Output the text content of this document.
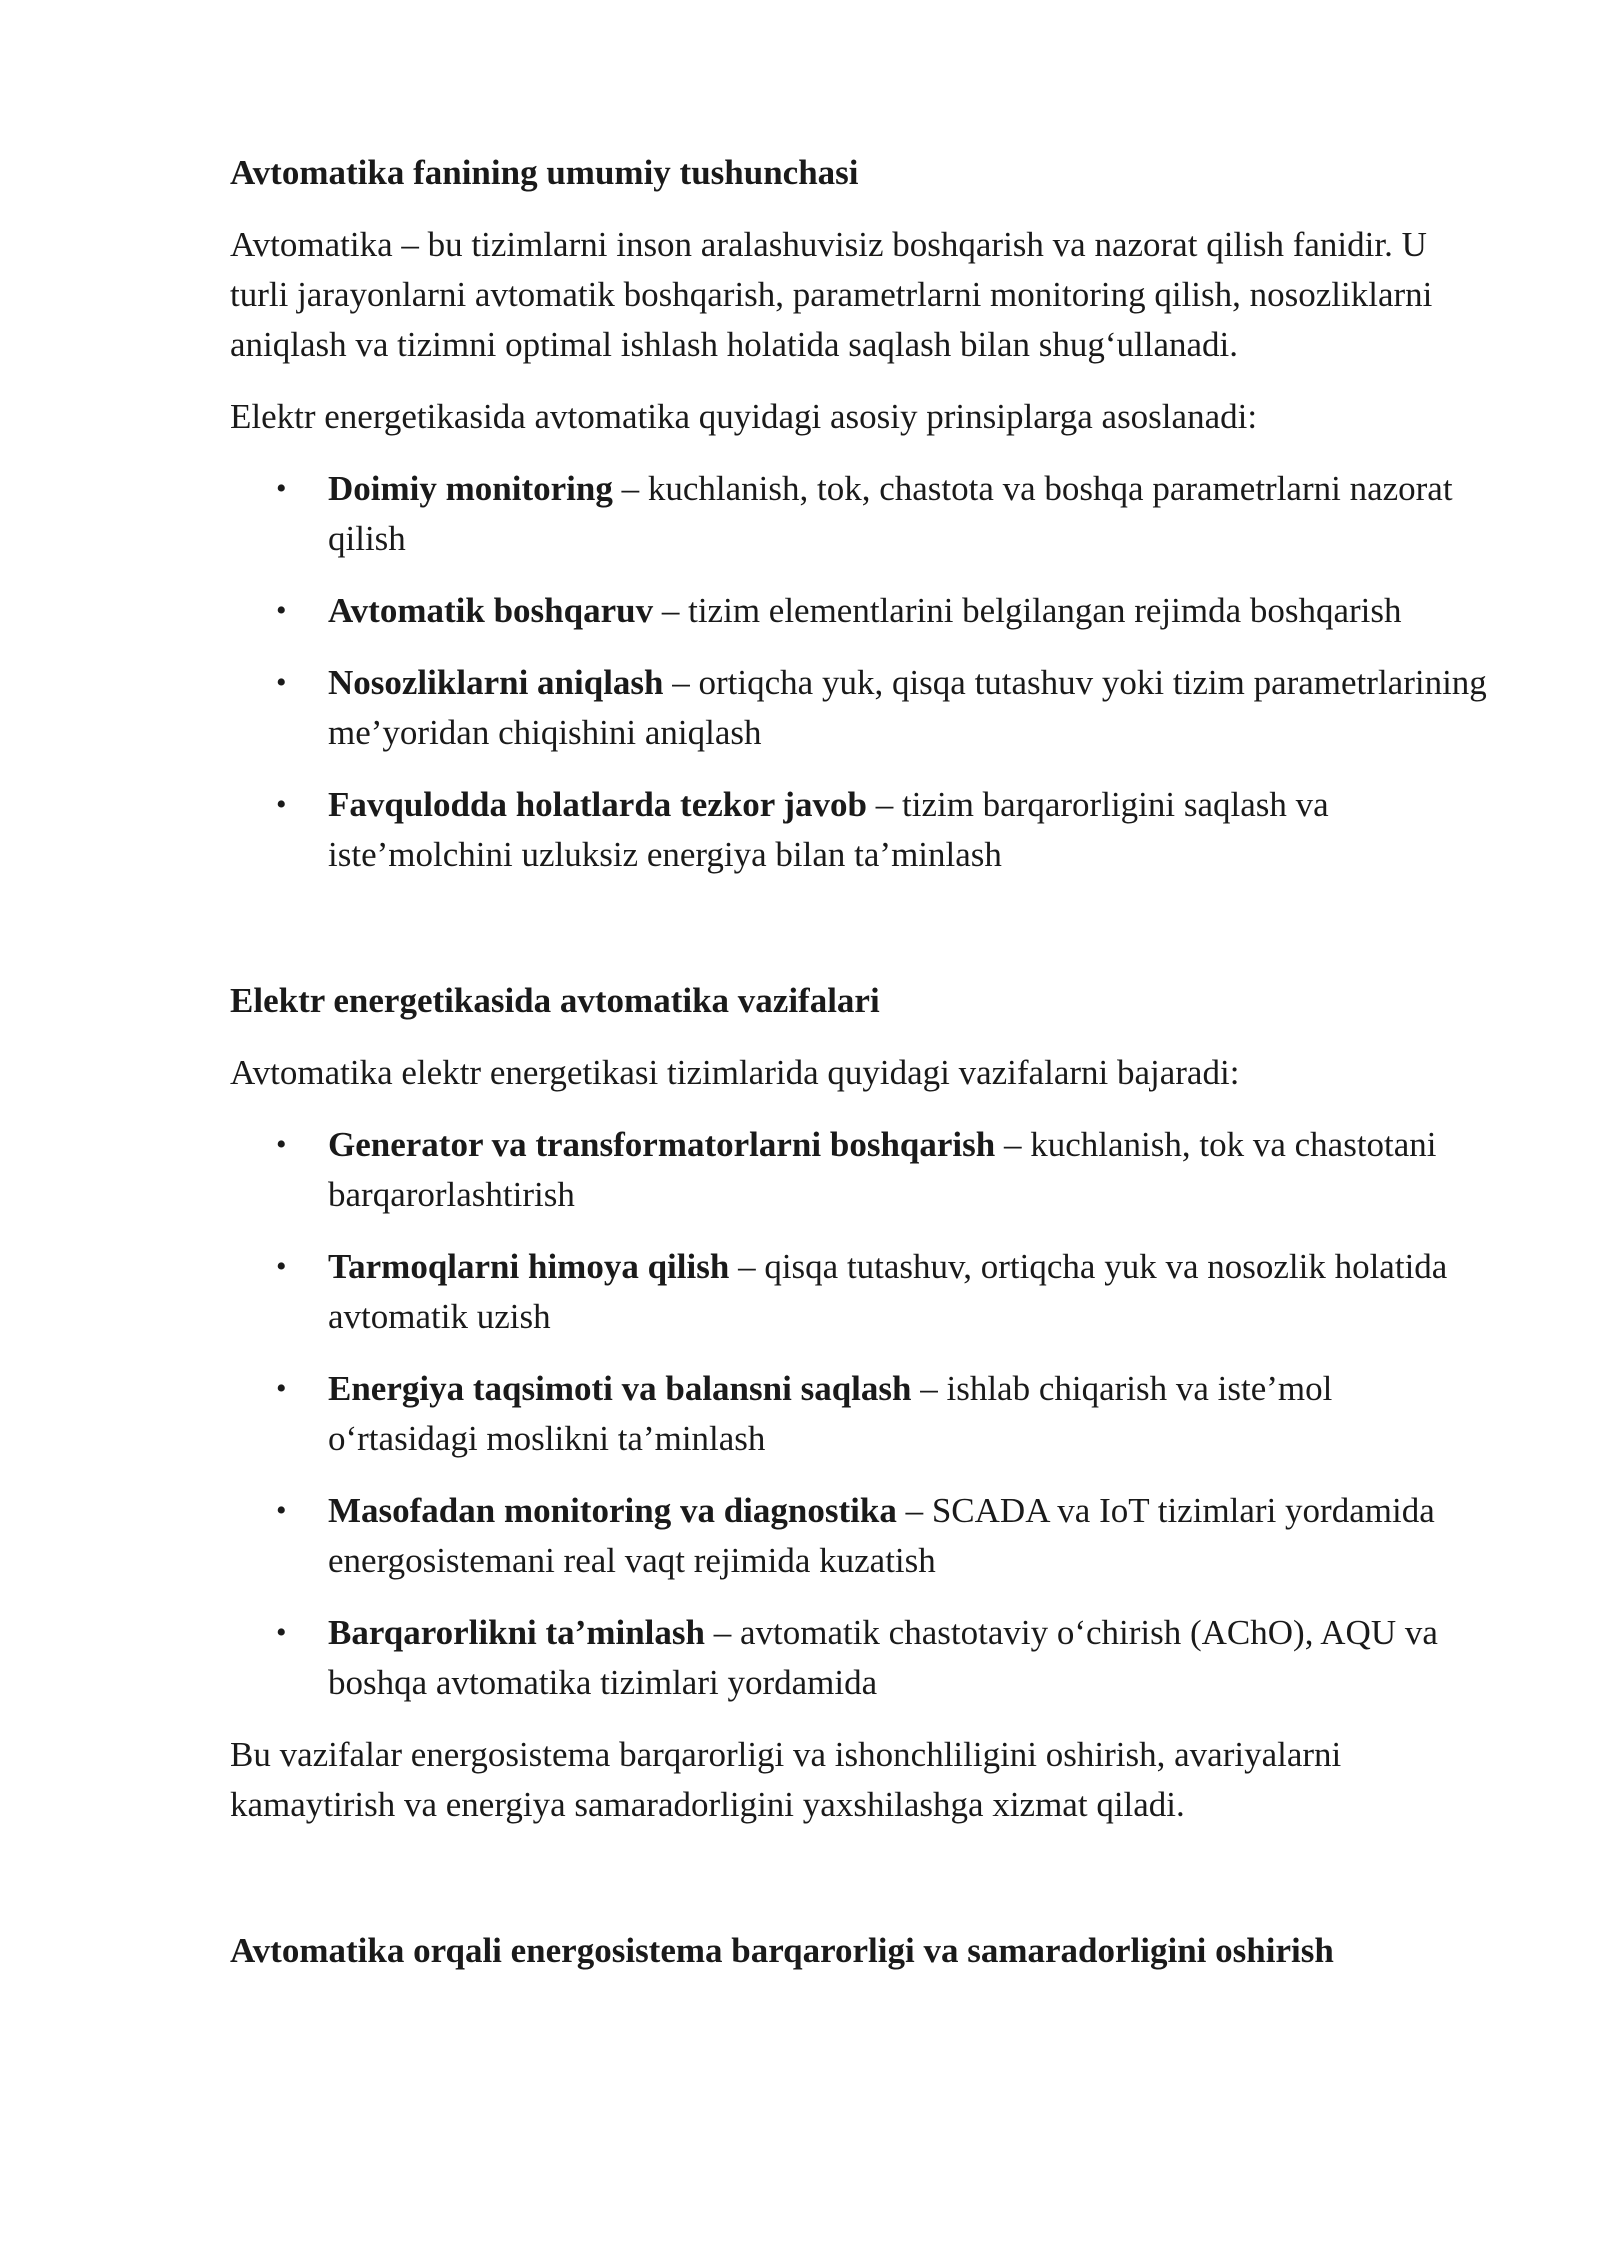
Avtomatika fanining umumiy tushunchasi

Avtomatika – bu tizimlarni inson aralashuvisiz boshqarish va nazorat qilish fanidir. U turli jarayonlarni avtomatik boshqarish, parametrlarni monitoring qilish, nosozliklarni aniqlash va tizimni optimal ishlash holatida saqlash bilan shug‘ullanadi.

Elektr energetikasida avtomatika quyidagi asosiy prinsiplarga asoslanadi:

• Doimiy monitoring – kuchlanish, tok, chastota va boshqa parametrlarni nazorat qilish
• Avtomatik boshqaruv – tizim elementlarini belgilangan rejimda boshqarish
• Nosozliklarni aniqlash – ortiqcha yuk, qisqa tutashuv yoki tizim parametrlarining me’yoridan chiqishini aniqlash
• Favqulodda holatlarda tezkor javob – tizim barqarorligini saqlash va iste’molchini uzluksiz energiya bilan ta’minlash
Elektr energetikasida avtomatika vazifalari

Avtomatika elektr energetikasi tizimlarida quyidagi vazifalarni bajaradi:

• Generator va transformatorlarni boshqarish – kuchlanish, tok va chastotani barqarorlashtirish
• Tarmoqlarni himoya qilish – qisqa tutashuv, ortiqcha yuk va nosozlik holatida avtomatik uzish
• Energiya taqsimoti va balansni saqlash – ishlab chiqarish va iste’mol o‘rtasidagi moslikni ta’minlash
• Masofadan monitoring va diagnostika – SCADA va IoT tizimlari yordamida energosistemani real vaqt rejimida kuzatish
• Barqarorlikni ta’minlash – avtomatik chastotaviy o‘chirish (AChO), AQU va boshqa avtomatika tizimlari yordamida

Bu vazifalar energosistema barqarorligi va ishonchliligini oshirish, avariyalarni kamaytirish va energiya samaradorligini yaxshilashga xizmat qiladi.

Avtomatika orqali energosistema barqarorligi va samaradorligini oshirish
